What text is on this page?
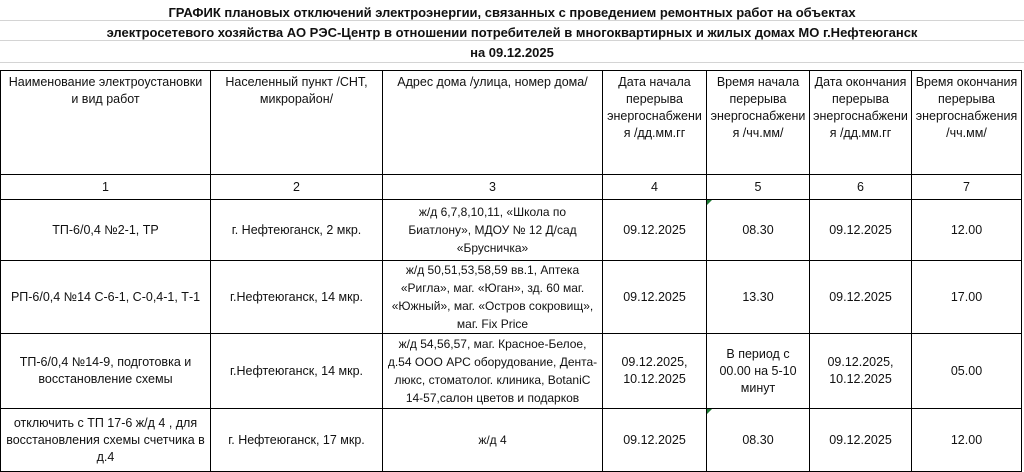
ГРАФИК плановых отключений электроэнергии, связанных с проведением ремонтных работ на объектах
электросетевого хозяйства АО РЭС-Центр в отношении потребителей в многоквартирных и жилых домах МО г.Нефтеюганск
на 09.12.2025
Наименование электроустановки и вид работ	Населенный пункт /СНТ, микрорайон/	Адрес дома /улица, номер дома/	Дата начала перерыва энергоснабжения /дд.мм.гг	Время начала перерыва энергоснабжения /чч.мм/	Дата окончания перерыва энергоснабжения /дд.мм.гг	Время окончания перерыва энергоснабжения /чч.мм/
1	2	3	4	5	6	7
ТП-6/0,4 №2-1, ТР	г. Нефтеюганск, 2 мкр.	ж/д 6,7,8,10,11, «Школа по Биатлону», МДОУ № 12 Д/сад «Брусничка»	09.12.2025	08.30	09.12.2025	12.00
РП-6/0,4 №14 С-6-1, С-0,4-1, Т-1	г.Нефтеюганск, 14 мкр.	ж/д 50,51,53,58,59 вв.1, Аптека «Ригла», маг. «Юган», зд. 60 маг. «Южный», маг. «Остров сокровищ», маг. Fix Price	09.12.2025	13.30	09.12.2025	17.00
ТП-6/0,4 №14-9, подготовка и восстановление схемы	г.Нефтеюганск, 14 мкр.	ж/д 54,56,57, маг. Красное-Белое, д.54 ООО АРС оборудование, Дента-люкс, стоматолог. клиника, BotaniC 14-57,салон цветов и подарков	09.12.2025, 10.12.2025	В период с 00.00 на 5-10 минут	09.12.2025, 10.12.2025	05.00
отключить с ТП 17-6 ж/д 4 , для восстановления схемы счетчика в д.4	г. Нефтеюганск, 17 мкр.	ж/д 4	09.12.2025	08.30	09.12.2025	12.00
